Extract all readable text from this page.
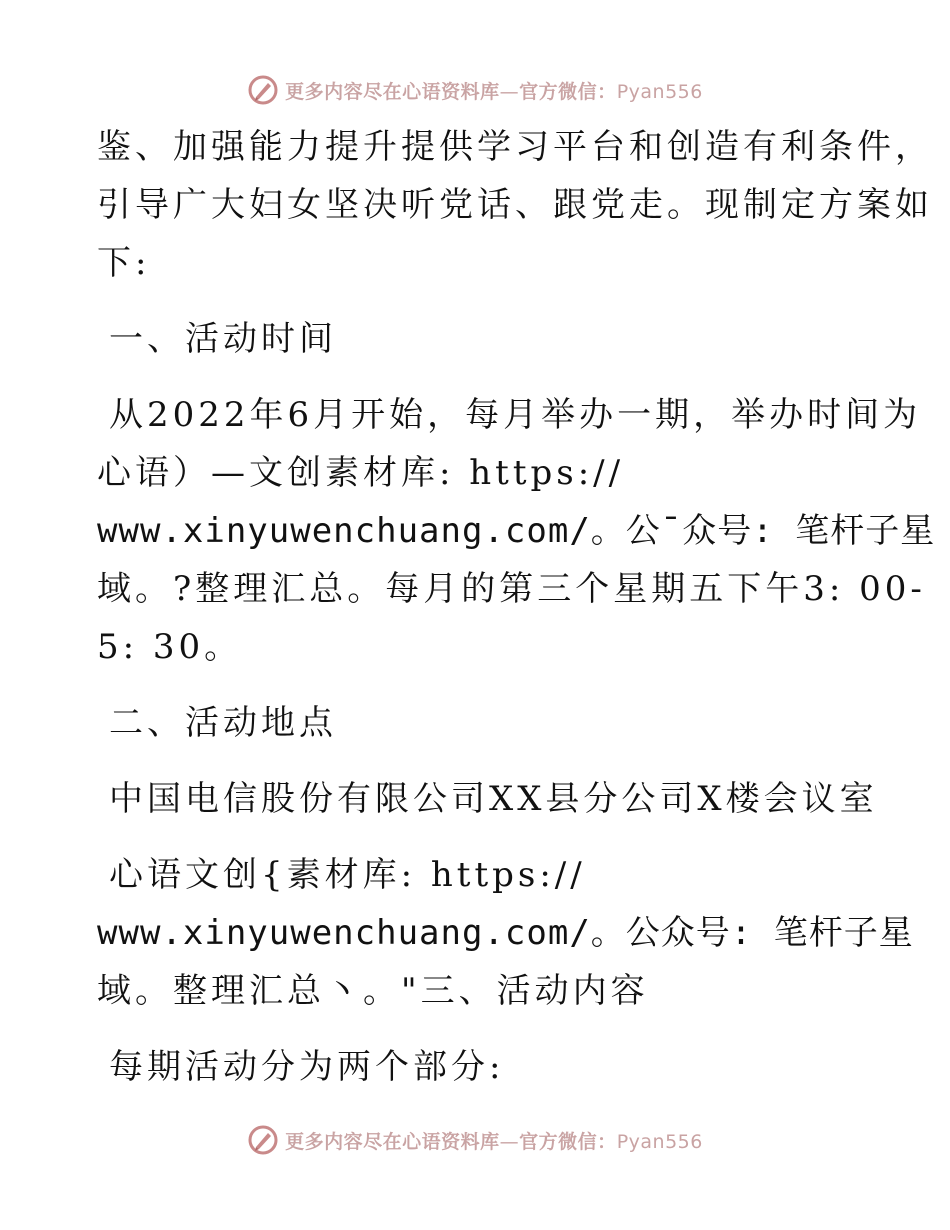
更多内容尽在心语资料库—官方微信：Pyan556
鉴、加强能力提升提供学习平台和创造有利条件，
引导广大妇女坚决听党话、跟党走。现制定方案如
下:
一、活动时间
从2022年6月开始，每月举办一期，举办时间为
心语）—文创素材库: https://
www.xinyuwenchuang.com/。公¯众号: 笔杆子星
域。?整理汇总。每月的第三个星期五下午3: 00-
5: 30。
二、活动地点
中国电信股份有限公司XX县分公司X楼会议室
心语文创{素材库: https://
www.xinyuwenchuang.com/。公众号: 笔杆子星
域。整理汇总丶。"三、活动内容
每期活动分为两个部分:
更多内容尽在心语资料库—官方微信：Pyan556
